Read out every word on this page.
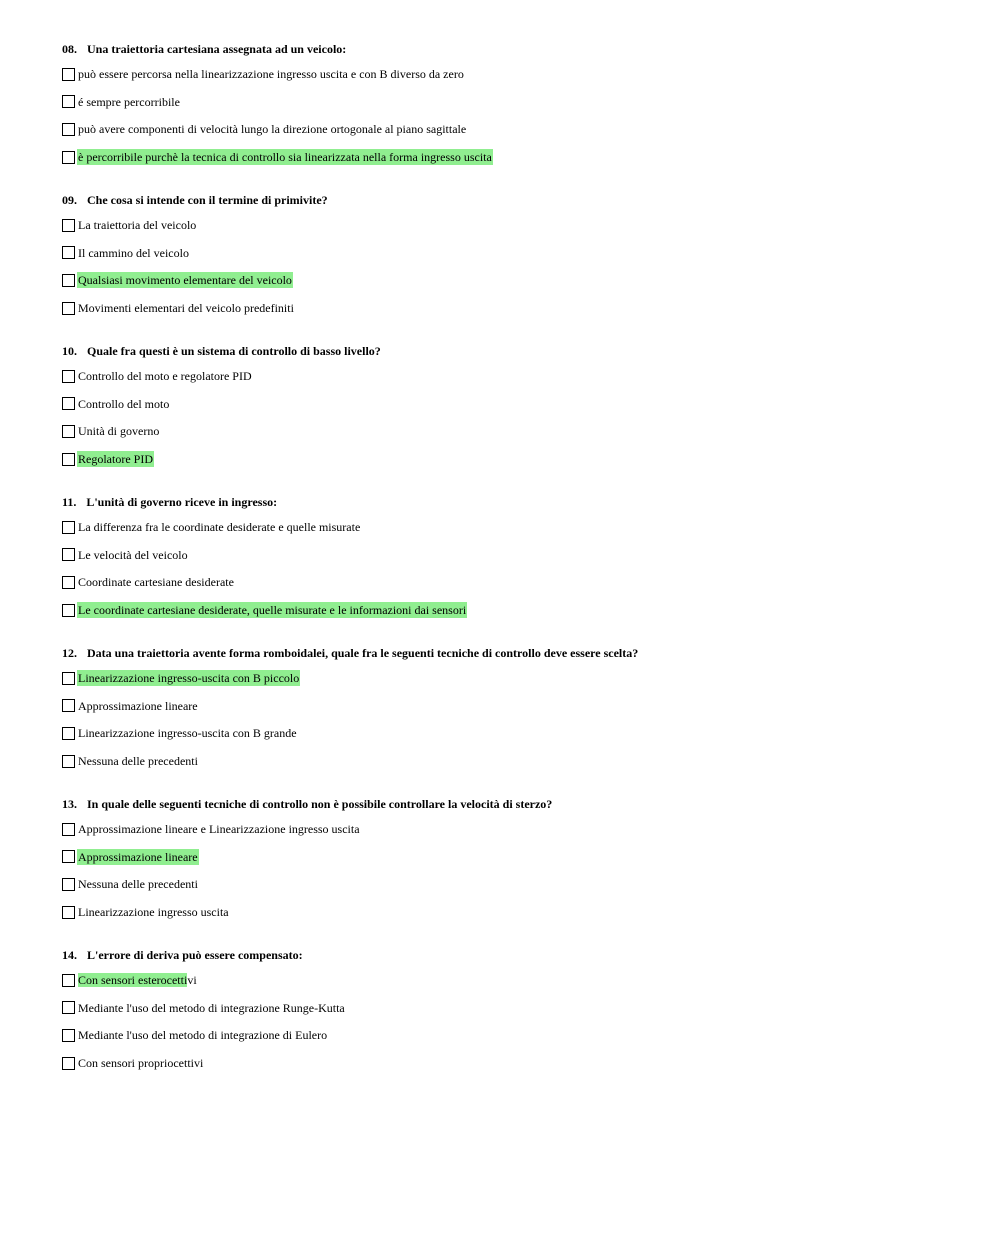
08. Una traiettoria cartesiana assegnata ad un veicolo:
può essere percorsa nella linearizzazione ingresso uscita e con B diverso da zero
é sempre percorribile
può avere componenti di velocità lungo la direzione ortogonale al piano sagittale
è percorribile purchè la tecnica di controllo sia linearizzata nella forma ingresso uscita
09. Che cosa si intende con il termine di primivite?
La traiettoria del veicolo
Il cammino del veicolo
Qualsiasi movimento elementare del veicolo
Movimenti elementari del veicolo predefiniti
10. Quale fra questi è un sistema di controllo di basso livello?
Controllo del moto e regolatore PID
Controllo del moto
Unità di governo
Regolatore PID
11. L'unità di governo riceve in ingresso:
La differenza fra le coordinate desiderate e quelle misurate
Le velocità del veicolo
Coordinate cartesiane desiderate
Le coordinate cartesiane desiderate, quelle misurate e le informazioni dai sensori
12. Data una traiettoria avente forma romboidalei, quale fra le seguenti tecniche di controllo deve essere scelta?
Linearizzazione ingresso-uscita con B piccolo
Approssimazione lineare
Linearizzazione ingresso-uscita con B grande
Nessuna delle precedenti
13. In quale delle seguenti tecniche di controllo non è possibile controllare la velocità di sterzo?
Approssimazione lineare e Linearizzazione ingresso uscita
Approssimazione lineare
Nessuna delle precedenti
Linearizzazione ingresso uscita
14. L'errore di deriva può essere compensato:
Con sensori esterocettivi
Mediante l'uso del metodo di integrazione Runge-Kutta
Mediante l'uso del metodo di integrazione di Eulero
Con sensori propriocettivi
